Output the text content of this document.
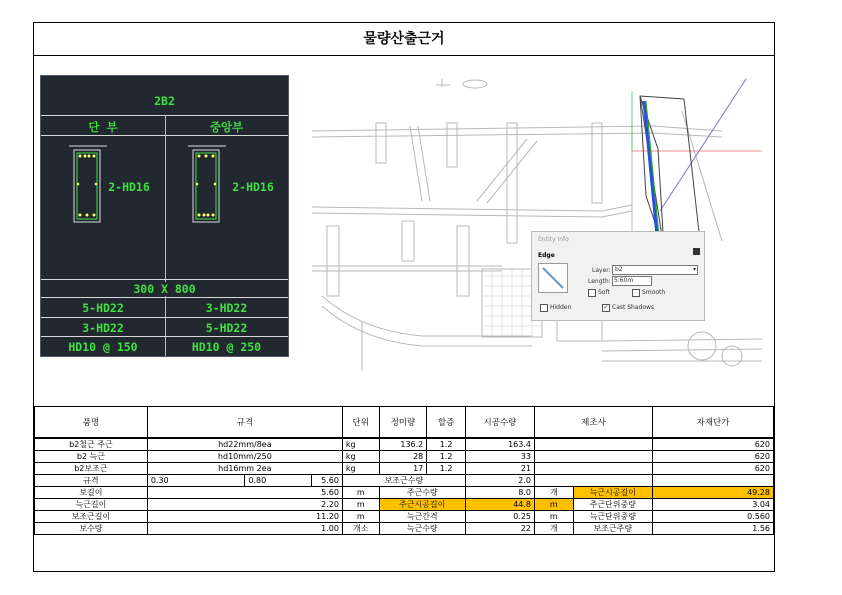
물량산출근거
2B2
단 부	중앙부
2-HD16	2-HD16
300 X 800
5-HD22	3-HD22
3-HD22	5-HD22
HD10 @ 150	HD10 @ 250
Entity Info
Edge
Layer: b2	▾
Length: 5.60m
Soft	Smooth
Hidden	✓ Cast Shadows
품명	규격			단위	정미량	할증	시공수량	제조사		자재단가
b2철근 주근	hd22mm/8ea			kg	136.2	1.2	163.4			620
b2 늑근	hd10mm/250			kg	28	1.2	33			620
b2보조근	hd16mm 2ea			kg	17	1.2	21			620
규격	0.30	0.80	5.60	보조근수량			2.0			
보길이	5.60			m	주근수량		8.0	개	늑근시공길이	49.28
늑근길이	2.20			m	주근시공길이		44.8	m	주근단위중량	3.04
보조근길이	11.20			m	늑근간격		0.25	m	늑근단위중량	0.560
보수량	1.00			개소	늑근수량		22	개	보조근주량	1.56
